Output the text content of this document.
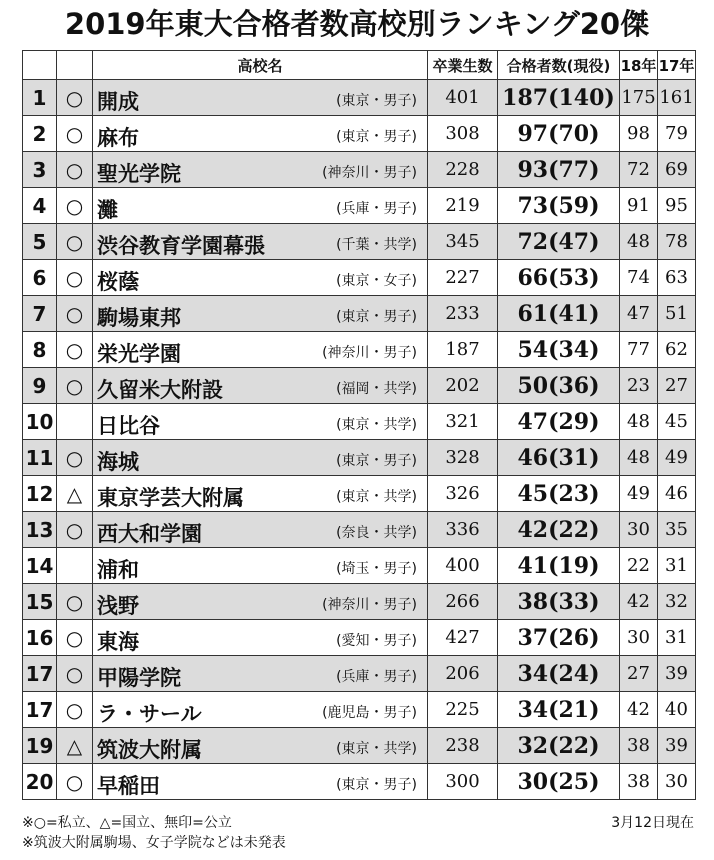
2019年東大合格者数高校別ランキング20傑
		高校名	卒業生数	合格者数(現役)	18年	17年
1	○	開成 (東京・男子)	401	187(140)	175	161
2	○	麻布 (東京・男子)	308	97(70)	98	79
3	○	聖光学院 (神奈川・男子)	228	93(77)	72	69
4	○	灘 (兵庫・男子)	219	73(59)	91	95
5	○	渋谷教育学園幕張 (千葉・共学)	345	72(47)	48	78
6	○	桜蔭 (東京・女子)	227	66(53)	74	63
7	○	駒場東邦 (東京・男子)	233	61(41)	47	51
8	○	栄光学園 (神奈川・男子)	187	54(34)	77	62
9	○	久留米大附設 (福岡・共学)	202	50(36)	23	27
10		日比谷 (東京・共学)	321	47(29)	48	45
11	○	海城 (東京・男子)	328	46(31)	48	49
12	△	東京学芸大附属 (東京・共学)	326	45(23)	49	46
13	○	西大和学園 (奈良・共学)	336	42(22)	30	35
14		浦和 (埼玉・男子)	400	41(19)	22	31
15	○	浅野 (神奈川・男子)	266	38(33)	42	32
16	○	東海 (愛知・男子)	427	37(26)	30	31
17	○	甲陽学院 (兵庫・男子)	206	34(24)	27	39
17	○	ラ・サール (鹿児島・男子)	225	34(21)	42	40
19	△	筑波大附属 (東京・共学)	238	32(22)	38	39
20	○	早稲田 (東京・男子)	300	30(25)	38	30
※○=私立、△=国立、無印=公立
※筑波大附属駒場、女子学院などは未発表
3月12日現在
